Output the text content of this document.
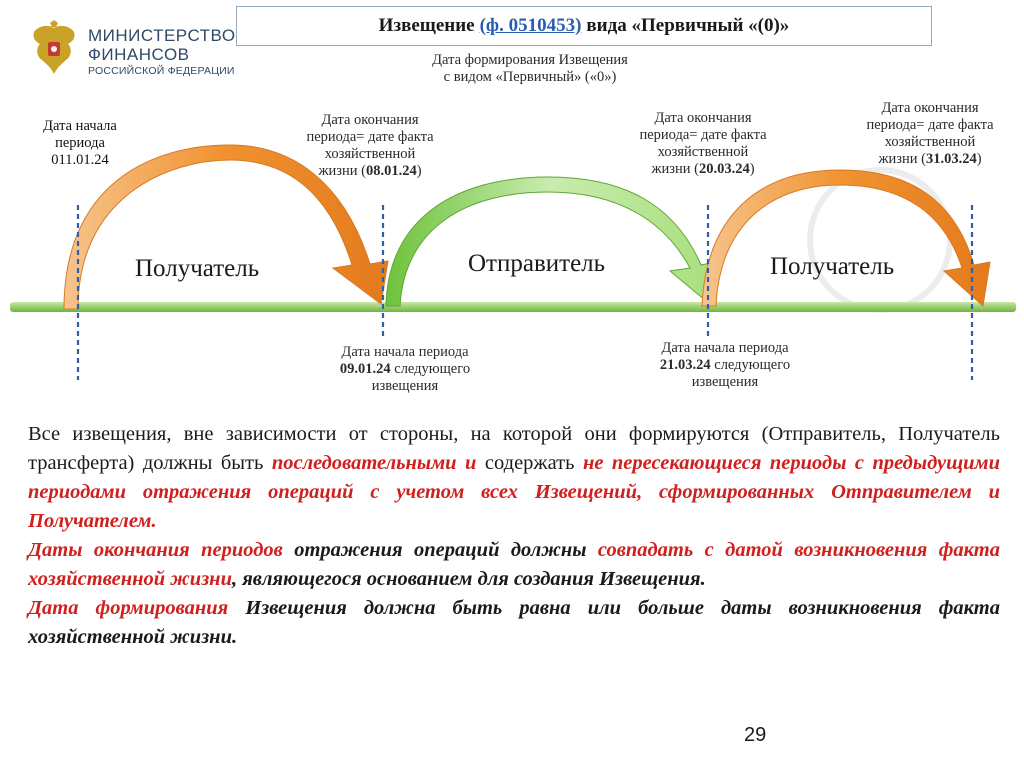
МИНИСТЕРСТВО
ФИНАНСОВ
РОССИЙСКОЙ ФЕДЕРАЦИИ
Извещение (ф. 0510453) вида «Первичный «(0)»
Дата формирования Извещения
с видом «Первичный» («0»)
Дата начала
периода
011.01.24
Дата окончания
периода= дате факта
хозяйственной
жизни (08.01.24)
Дата окончания
периода= дате факта
хозяйственной
жизни (20.03.24)
Дата окончания
периода= дате факта
хозяйственной
жизни (31.03.24)
Получатель	Отправитель	Получатель
Дата начала периода
09.01.24 следующего
извещения
Дата начала периода
21.03.24 следующего
извещения

Все извещения, вне зависимости от стороны, на которой они формируются (Отправитель, Получатель трансферта) должны быть последовательными и содержать не пересекающиеся периоды с предыдущими периодами отражения операций с учетом всех Извещений, сформированных Отправителем и Получателем.

Даты окончания периодов отражения операций должны совпадать с датой возникновения факта хозяйственной жизни, являющегося основанием для создания Извещения.

Дата формирования Извещения должна быть равна или больше даты возникновения факта хозяйственной жизни.

29
